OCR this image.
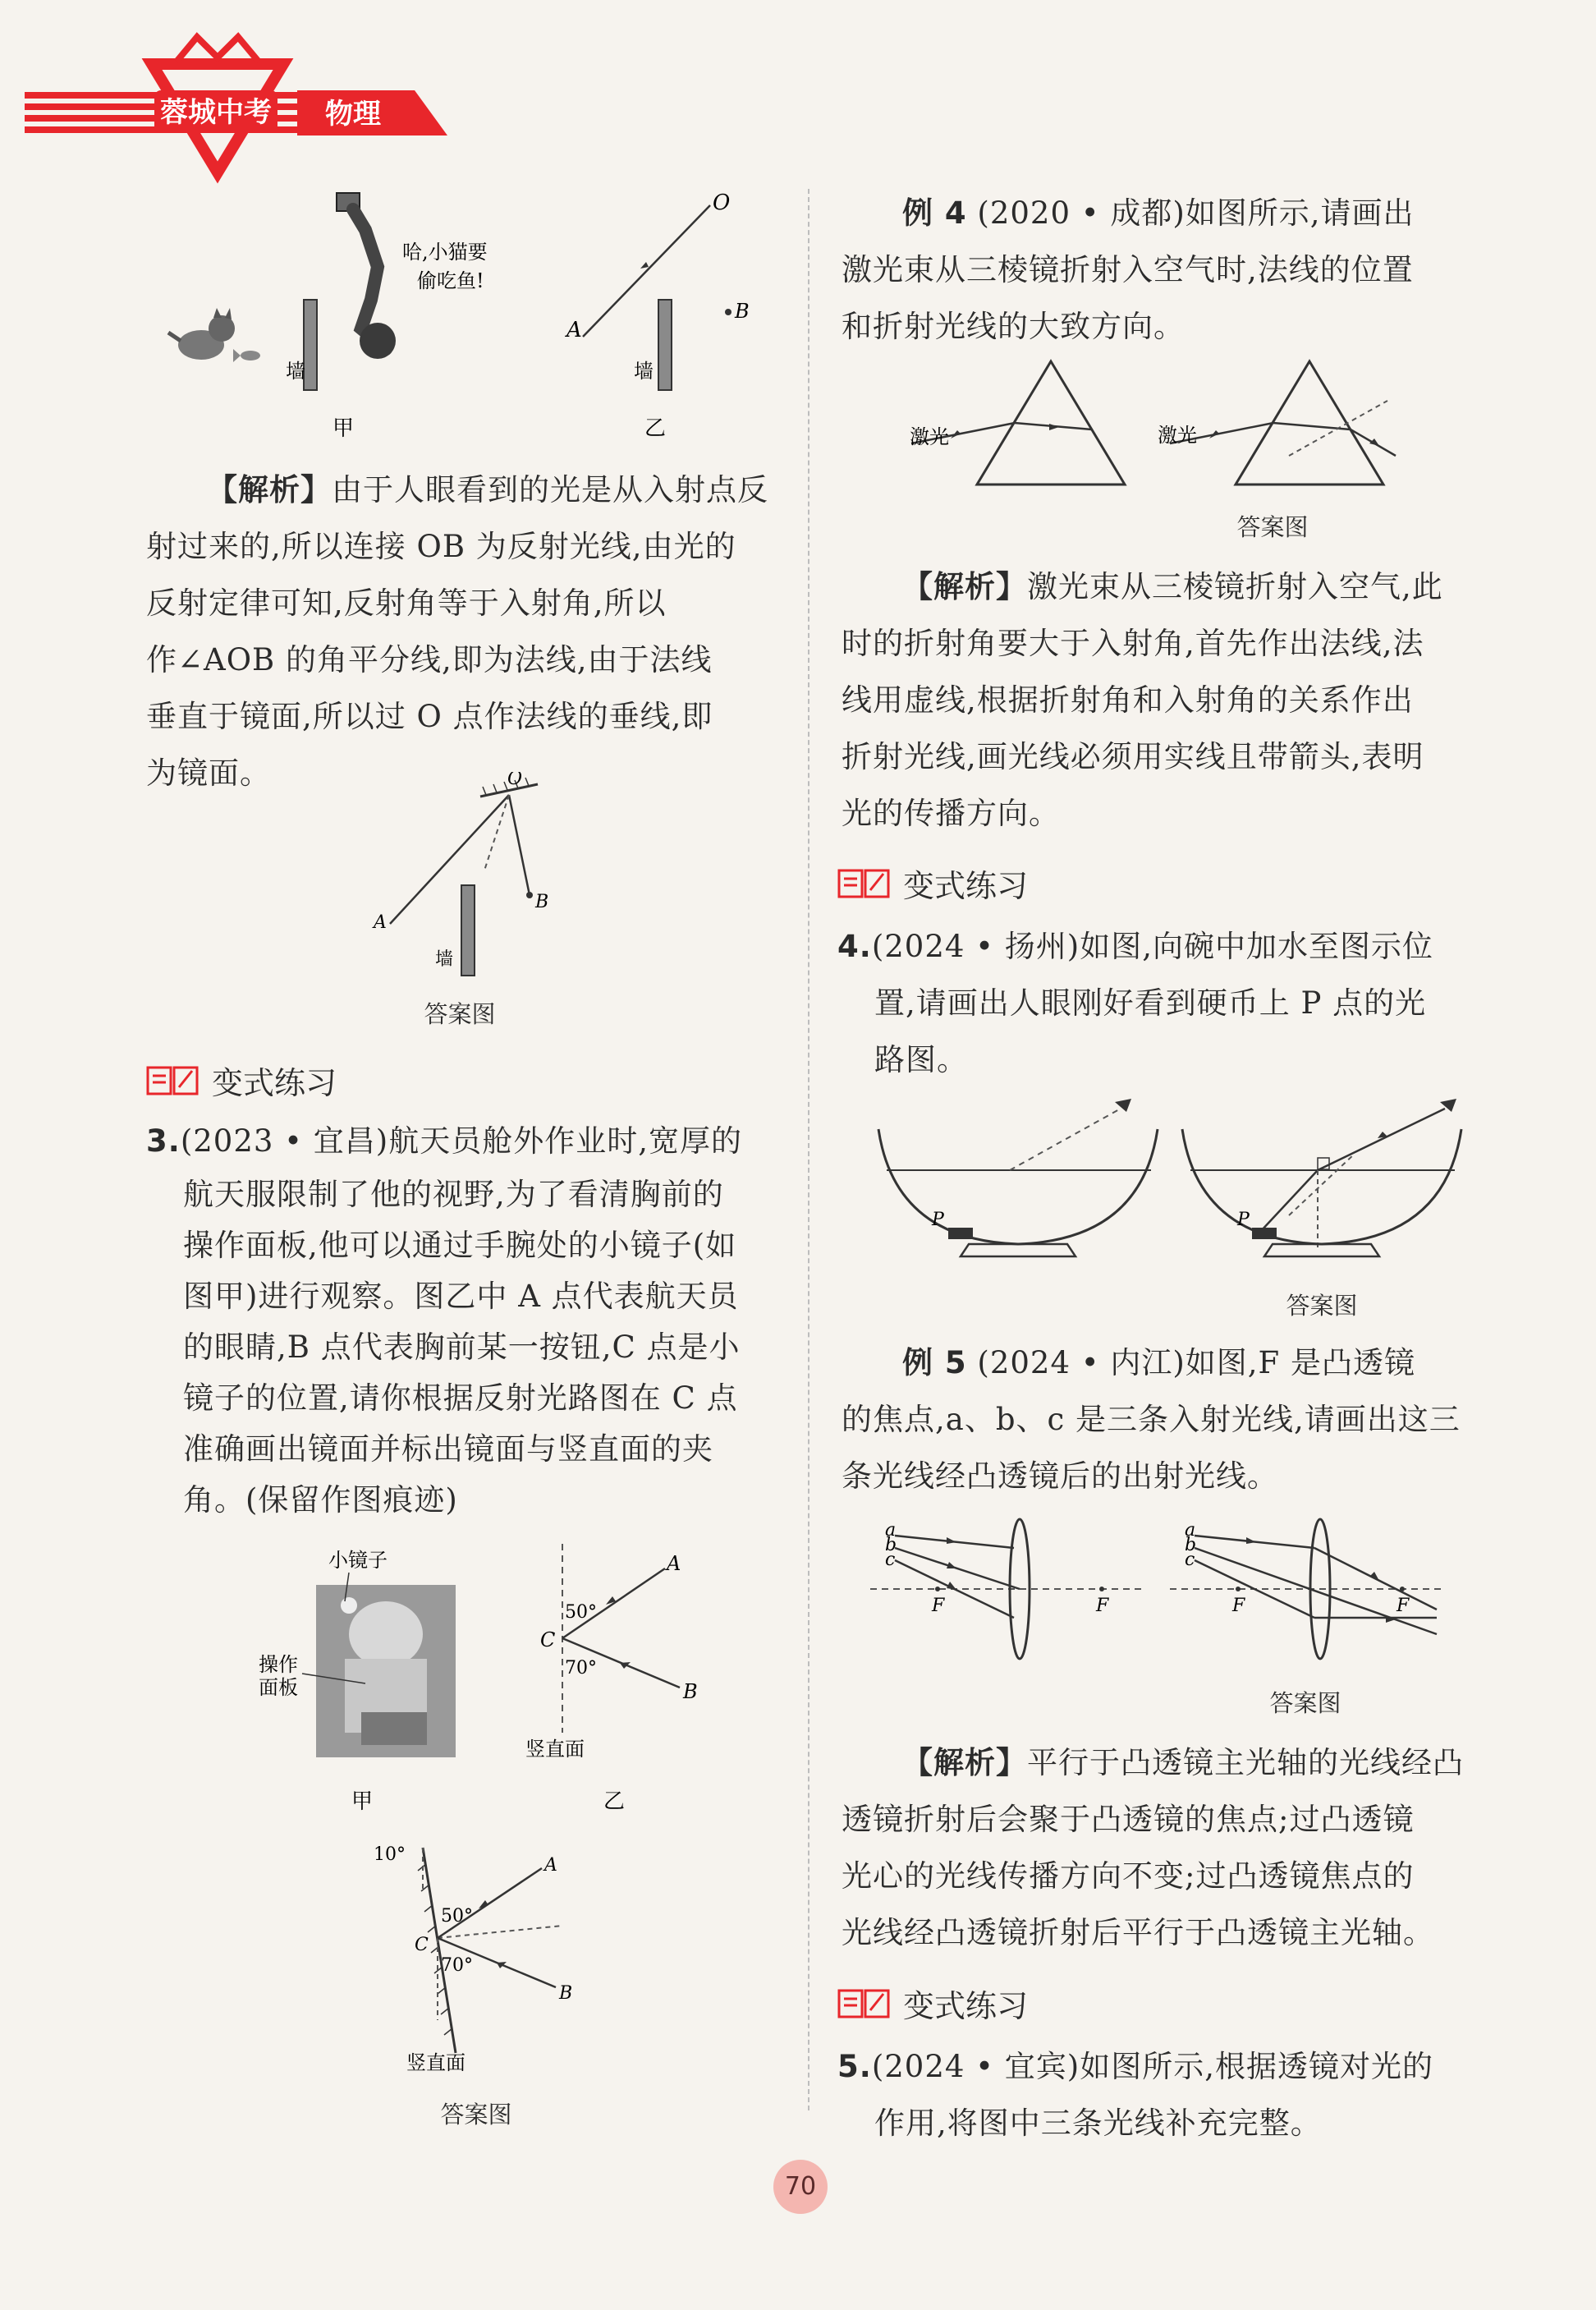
蓉城中考 物理
墙
哈,小猫要
偷吃鱼!
甲
O
A
B
墙
乙

【解析】由于人眼看到的光是从入射点反

射过来的,所以连接 OB 为反射光线,由光的

反射定律可知,反射角等于入射角,所以

作∠AOB 的角平分线,即为法线,由于法线

垂直于镜面,所以过 O 点作法线的垂线,即

为镜面。	O
B
A
墙
答案图
变式练习

3.(2023 • 宜昌)航天员舱外作业时,宽厚的

航天服限制了他的视野,为了看清胸前的

操作面板,他可以通过手腕处的小镜子(如

图甲)进行观察。图乙中 A 点代表航天员

的眼睛,B 点代表胸前某一按钮,C 点是小

镜子的位置,请你根据反射光路图在 C 点

准确画出镜面并标出镜面与竖直面的夹

角。(保留作图痕迹)

小镜子
操作
面板
甲
A
B
C
50°
70°
竖直面
乙
A
B
C
10°
50°
70°
竖直面
答案图

例 4 (2020 • 成都)如图所示,请画出

激光束从三棱镜折射入空气时,法线的位置

和折射光线的大致方向。

激光	激光
答案图

【解析】激光束从三棱镜折射入空气,此

时的折射角要大于入射角,首先作出法线,法

线用虚线,根据折射角和入射角的关系作出

折射光线,画光线必须用实线且带箭头,表明

光的传播方向。

变式练习

4.(2024 • 扬州)如图,向碗中加水至图示位

置,请画出人眼刚好看到硬币上 P 点的光

路图。

P	P
答案图

例 5 (2024 • 内江)如图,F 是凸透镜

的焦点,a、b、c 是三条入射光线,请画出这三

条光线经凸透镜后的出射光线。

a
b
c
F	F
a
b
c
F	F
答案图

【解析】平行于凸透镜主光轴的光线经凸

透镜折射后会聚于凸透镜的焦点;过凸透镜

光心的光线传播方向不变;过凸透镜焦点的

光线经凸透镜折射后平行于凸透镜主光轴。

变式练习

5.(2024 • 宜宾)如图所示,根据透镜对光的

作用,将图中三条光线补充完整。

70
